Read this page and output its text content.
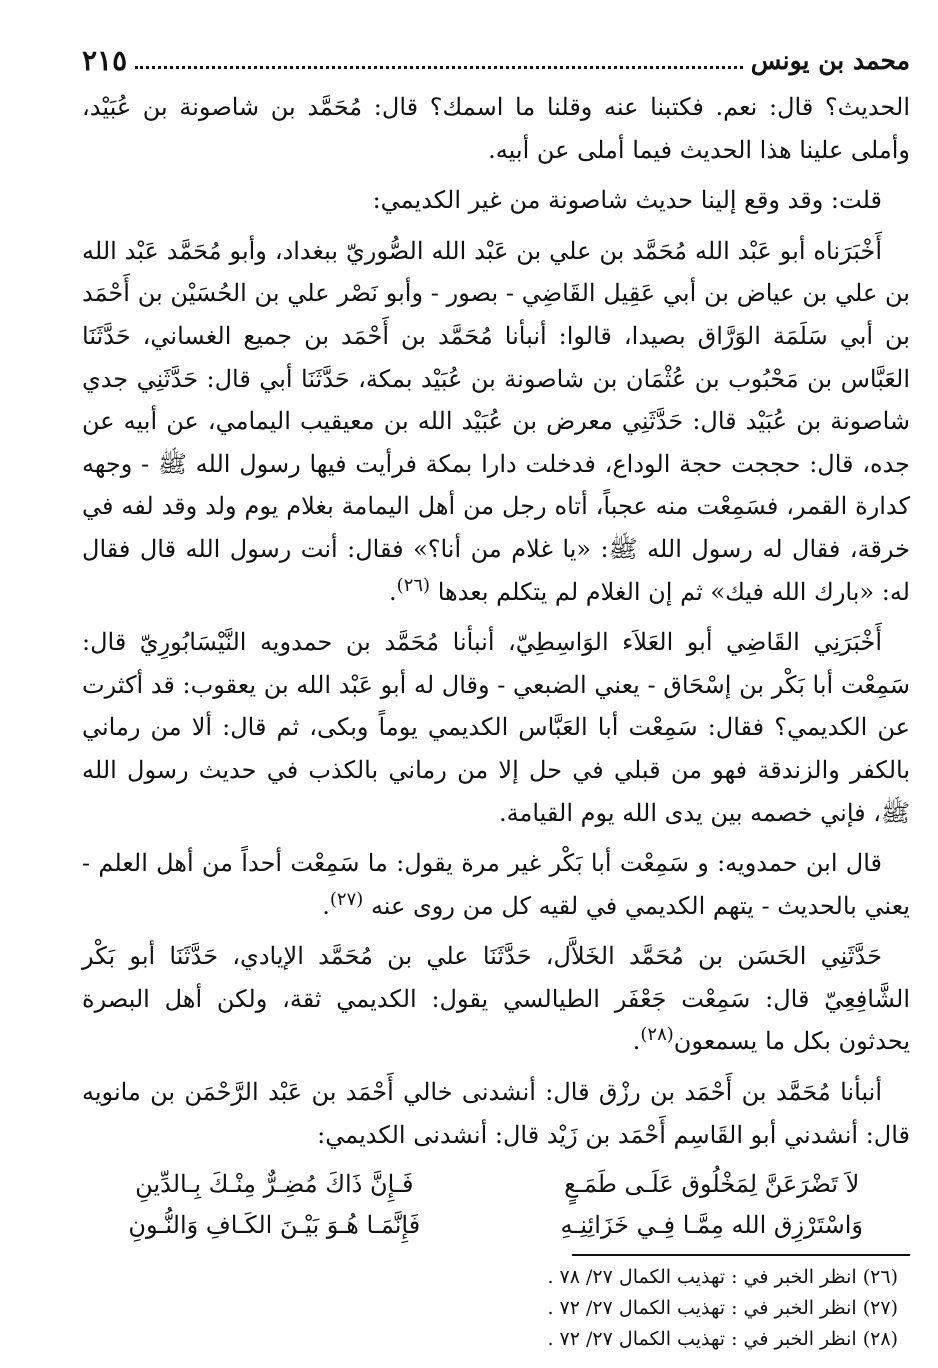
محمد بن يونس
٢١٥

الحديث؟ قال: نعم. فكتبنا عنه وقلنا ما اسمك؟ قال: مُحَمَّد بن شاصونة بن عُبَيْد، وأملى علينا هذا الحديث فيما أملى عن أبيه.

قلت: وقد وقع إلينا حديث شاصونة من غير الكديمي:

أَخْبَرَناه أبو عَبْد الله مُحَمَّد بن علي بن عَبْد الله الصُّوريّ ببغداد، وأبو مُحَمَّد عَبْد الله بن علي بن عياض بن أبي عَقِيل القَاضِي - بصور - وأبو نَصْر علي بن الحُسَيْن بن أَحْمَد بن أبي سَلَمَة الوَرَّاق بصيدا، قالوا: أنبأنا مُحَمَّد بن أَحْمَد بن جميع الغساني، حَدَّثَنَا العَبَّاس بن مَحْبُوب بن عُثْمَان بن شاصونة بن عُبَيْد بمكة، حَدَّثَنَا أبي قال: حَدَّثَنِي جدي شاصونة بن عُبَيْد قال: حَدَّثَنِي معرض بن عُبَيْد الله بن معيقيب اليمامي، عن أبيه عن جده، قال: حججت حجة الوداع، فدخلت دارا بمكة فرأيت فيها رسول الله ﷺ - وجهه كدارة القمر، فسَمِعْت منه عجباً، أتاه رجل من أهل اليمامة بغلام يوم ولد وقد لفه في خرقة، فقال له رسول الله ﷺ: «يا غلام من أنا؟» فقال: أنت رسول الله قال فقال له: «بارك الله فيك» ثم إن الغلام لم يتكلم بعدها $^{(٢٦)}$.

أَخْبَرَنِي القَاضِي أبو العَلاَء الوَاسِطِيّ، أنبأنا مُحَمَّد بن حمدويه النَّيْسَابُورِيّ قال: سَمِعْت أبا بَكْر بن إسْحَاق - يعني الضبعي - وقال له أبو عَبْد الله بن يعقوب: قد أكثرت عن الكديمي؟ فقال: سَمِعْت أبا العَبَّاس الكديمي يوماً وبكى، ثم قال: ألا من رماني بالكفر والزندقة فهو من قبلي في حل إلا من رماني بالكذب في حديث رسول الله ﷺ، فإني خصمه بين يدى الله يوم القيامة.

قال ابن حمدويه: و سَمِعْت أبا بَكْر غير مرة يقول: ما سَمِعْت أحداً من أهل العلم - يعني بالحديث - يتهم الكديمي في لقيه كل من روى عنه $^{(٢٧)}$.

حَدَّثَنِي الحَسَن بن مُحَمَّد الخَلاَّل، حَدَّثَنَا علي بن مُحَمَّد الإيادي، حَدَّثَنَا أبو بَكْر الشَّافِعِيّ قال: سَمِعْت جَعْفَر الطيالسي يقول: الكديمي ثقة، ولكن أهل البصرة يحدثون بكل ما يسمعون$^{(٢٨)}$.

أنبأنا مُحَمَّد بن أَحْمَد بن رزْق قال: أنشدنى خالي أَحْمَد بن عَبْد الرَّحْمَن بن مانويه قال: أنشدني أبو القَاسِم أَحْمَد بن زَيْد قال: أنشدنى الكديمي:

لاَ تَضْرَعَنَّ لِمَخْلُوق عَلَـى طَمَـعٍ
فَـإِنَّ ذَاكَ مُضِـرٌّ مِنْـكَ بِـالدِّينِ
وَاسْتَرْزِق الله مِمَّـا فِـي خَزَائِنِـهِ
فَإِنَّمَـا هُـوَ بَيْـنَ الكَـافِ وَالنُّـونِ
(٢٦) انظر الخبر في : تهذيب الكمال ٢٧/ ٧٨ .
(٢٧) انظر الخبر في : تهذيب الكمال ٢٧/ ٧٢ .
(٢٨) انظر الخبر في : تهذيب الكمال ٢٧/ ٧٢ .
